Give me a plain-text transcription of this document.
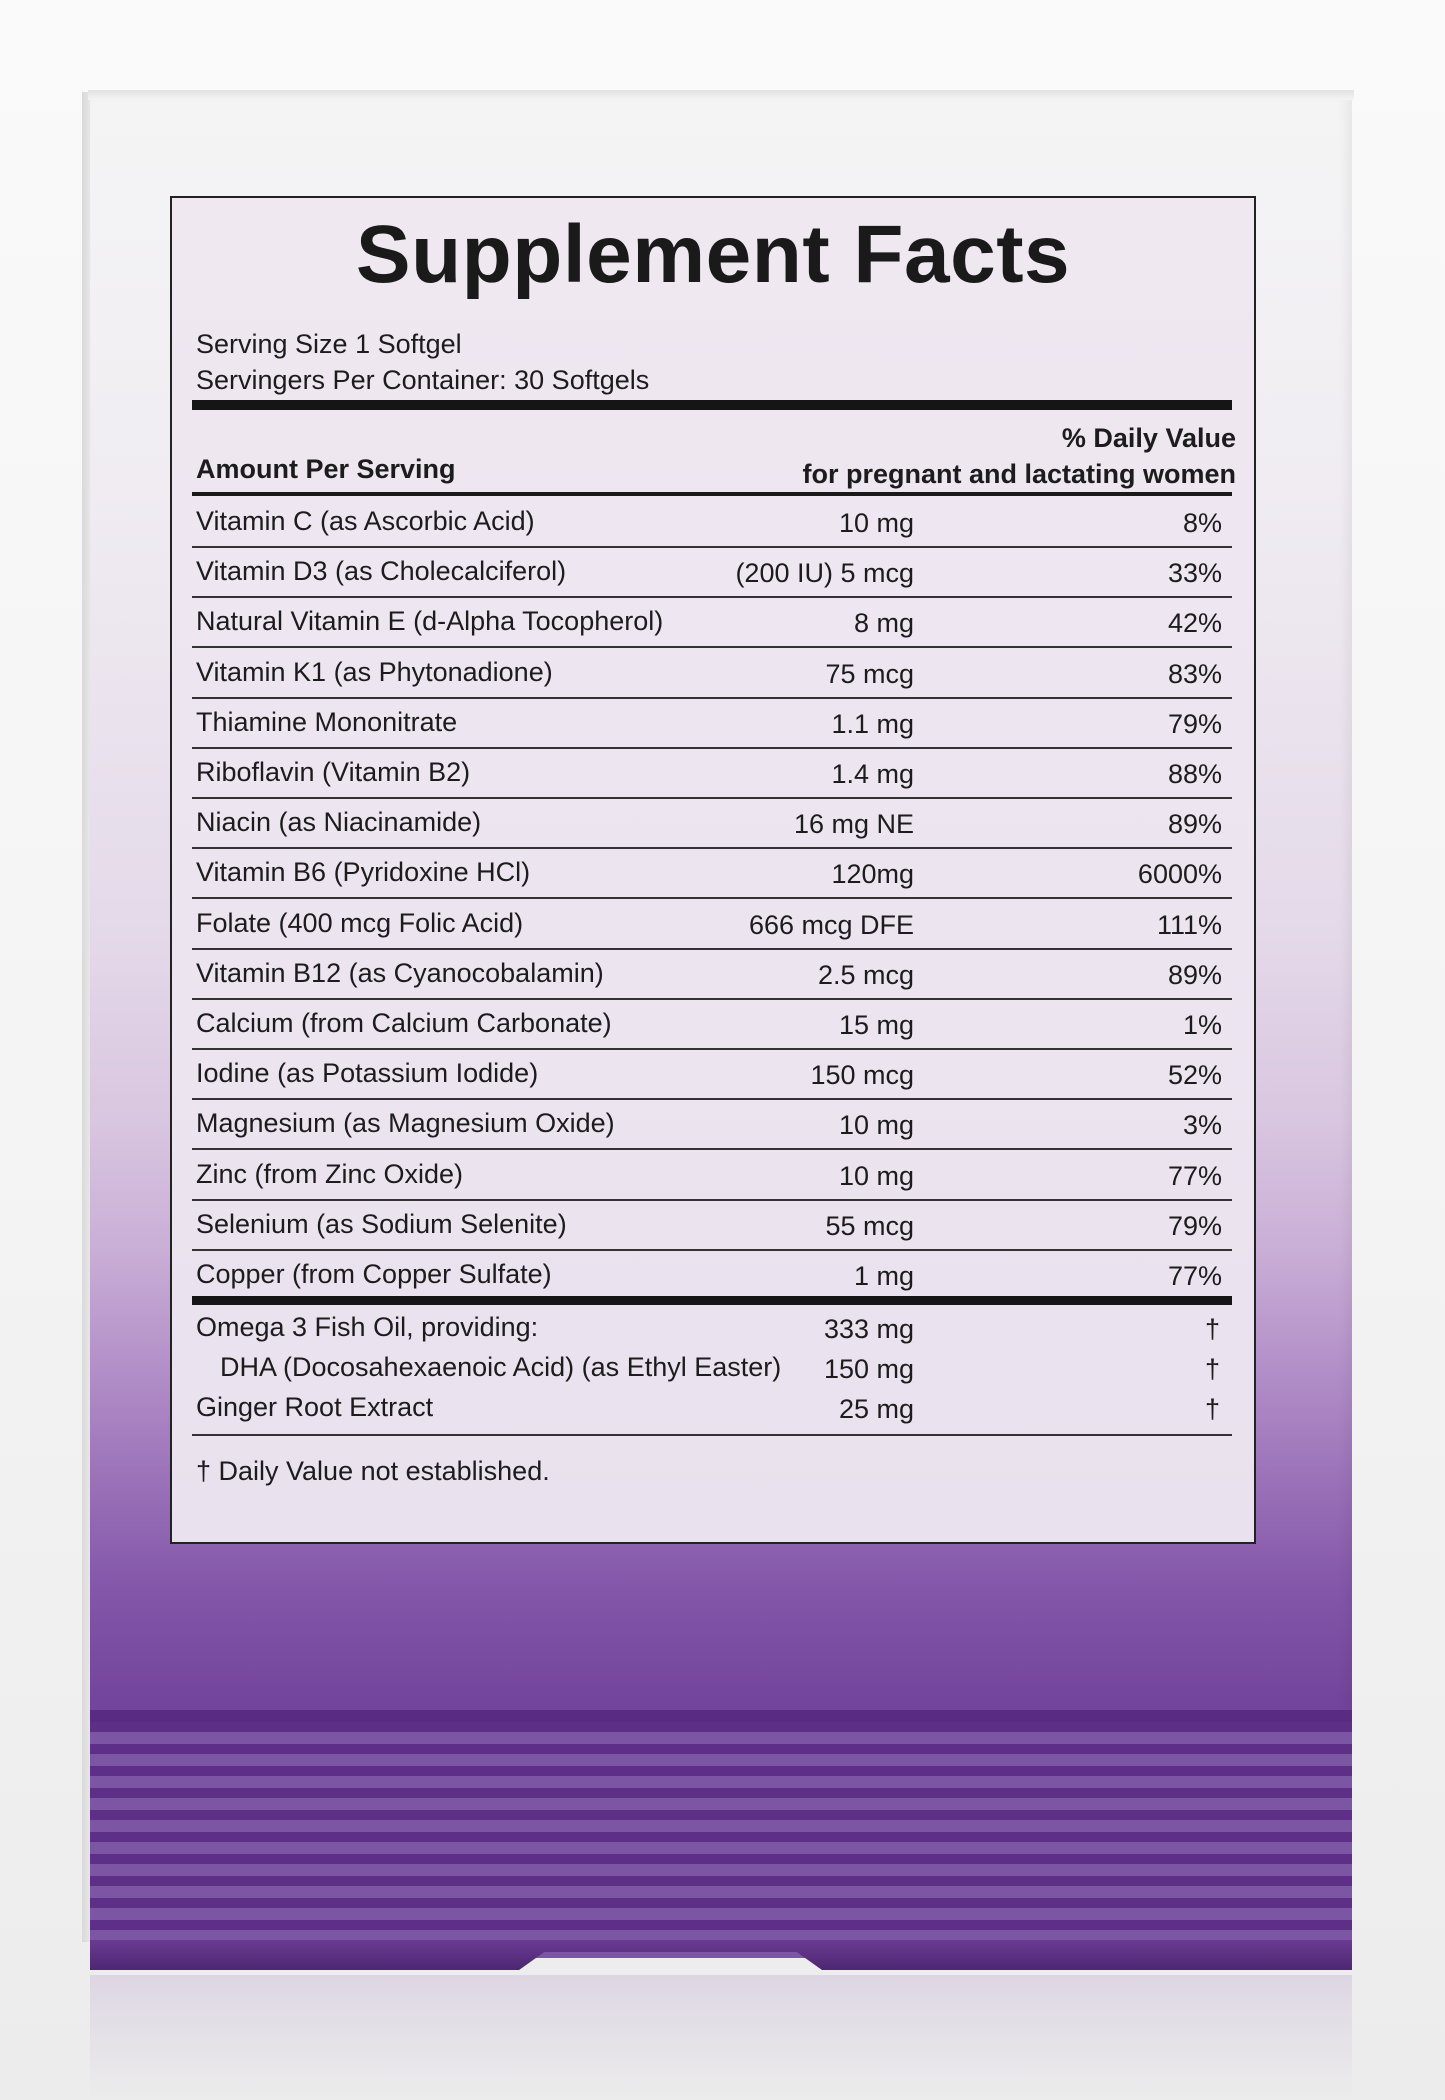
Supplement Facts
Serving Size 1 Softgel
Servingers Per Container: 30 Softgels
% Daily Value
for pregnant and lactating women
Amount Per Serving
Vitamin C (as Ascorbic Acid)	10 mg	8%
Vitamin D3 (as Cholecalciferol)	(200 IU) 5 mcg	33%
Natural Vitamin E (d-Alpha Tocopherol)	8 mg	42%
Vitamin K1 (as Phytonadione)	75 mcg	83%
Thiamine Mononitrate	1.1 mg	79%
Riboflavin (Vitamin B2)	1.4 mg	88%
Niacin (as Niacinamide)	16 mg NE	89%
Vitamin B6 (Pyridoxine HCl)	120mg	6000%
Folate (400 mcg Folic Acid)	666 mcg DFE	111%
Vitamin B12 (as Cyanocobalamin)	2.5 mcg	89%
Calcium (from Calcium Carbonate)	15 mg	1%
Iodine (as Potassium Iodide)	150 mcg	52%
Magnesium (as Magnesium Oxide)	10 mg	3%
Zinc (from Zinc Oxide)	10 mg	77%
Selenium (as Sodium Selenite)	55 mcg	79%
Copper (from Copper Sulfate)	1 mg	77%
Omega 3 Fish Oil, providing:	333 mg	†
DHA (Docosahexaenoic Acid) (as Ethyl Easter) 150 mg	†
Ginger Root Extract	25 mg	†
† Daily Value not established.
